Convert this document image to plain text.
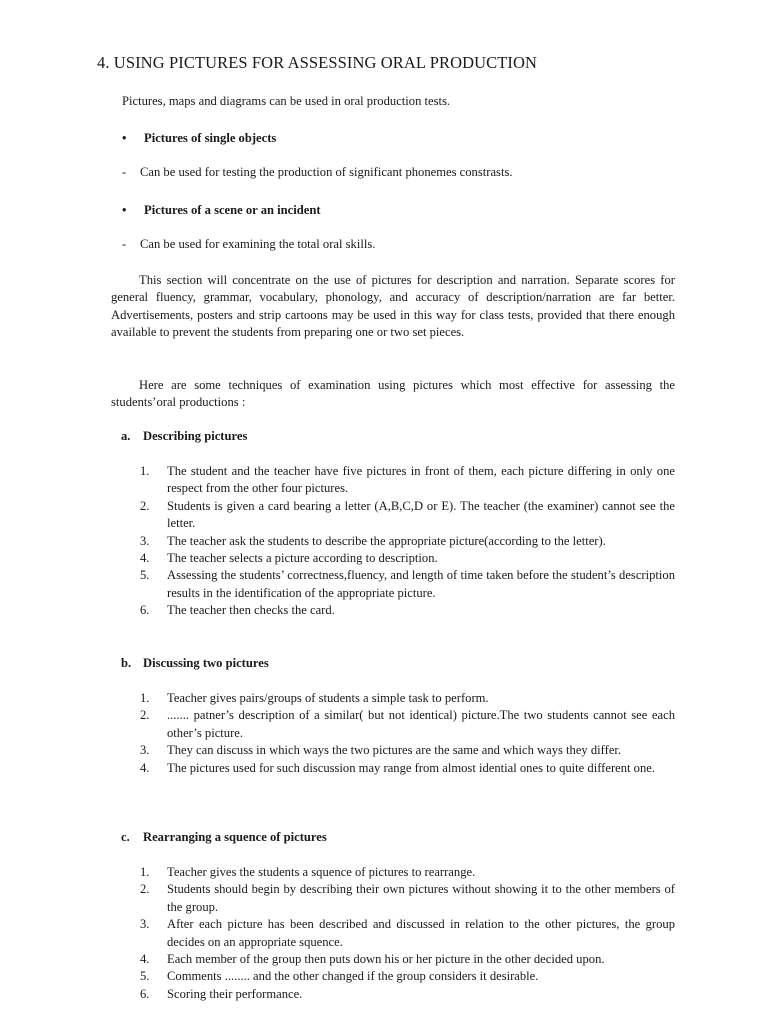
4. USING PICTURES FOR ASSESSING ORAL PRODUCTION
Pictures, maps and diagrams can be used in oral production tests.
• Pictures of single objects
- Can be used for testing the production of significant phonemes constrasts.
• Pictures of a scene or an incident
- Can be used for examining the total oral skills.

This section will concentrate on the use of pictures for description and narration. Separate scores for general fluency, grammar, vocabulary, phonology, and accuracy of description/narration are far better. Advertisements, posters and strip cartoons may be used in this way for class tests, provided that there enough available to prevent the students from preparing one or two set pieces.

Here are some techniques of examination using pictures which most effective for assessing the students’oral productions :

a. Describing pictures
1. The student and the teacher have five pictures in front of them, each picture differing in only one respect from the other four pictures.
2. Students is given a card bearing a letter (A,B,C,D or E). The teacher (the examiner) cannot see the letter.
3. The teacher ask the students to describe the appropriate picture(according to the letter).
4. The teacher selects a picture according to description.
5. Assessing the students’ correctness,fluency, and length of time taken before the student’s description results in the identification of the appropriate picture.
6. The teacher then checks the card.
b. Discussing two pictures
1. Teacher gives pairs/groups of students a simple task to perform.
2. ....... patner’s description of a similar( but not identical) picture.The two students cannot see each other’s picture.
3. They can discuss in which ways the two pictures are the same and which ways they differ.
4. The pictures used for such discussion may range from almost idential ones to quite different one.
c. Rearranging a squence of pictures
1. Teacher gives the students a squence of pictures to rearrange.
2. Students should begin by describing their own pictures without showing it to the other members of the group.
3. After each picture has been described and discussed in relation to the other pictures, the group decides on an appropriate squence.
4. Each member of the group then puts down his or her picture in the other decided upon.
5. Comments ........ and the other changed if the group considers it desirable.
6. Scoring their performance.
